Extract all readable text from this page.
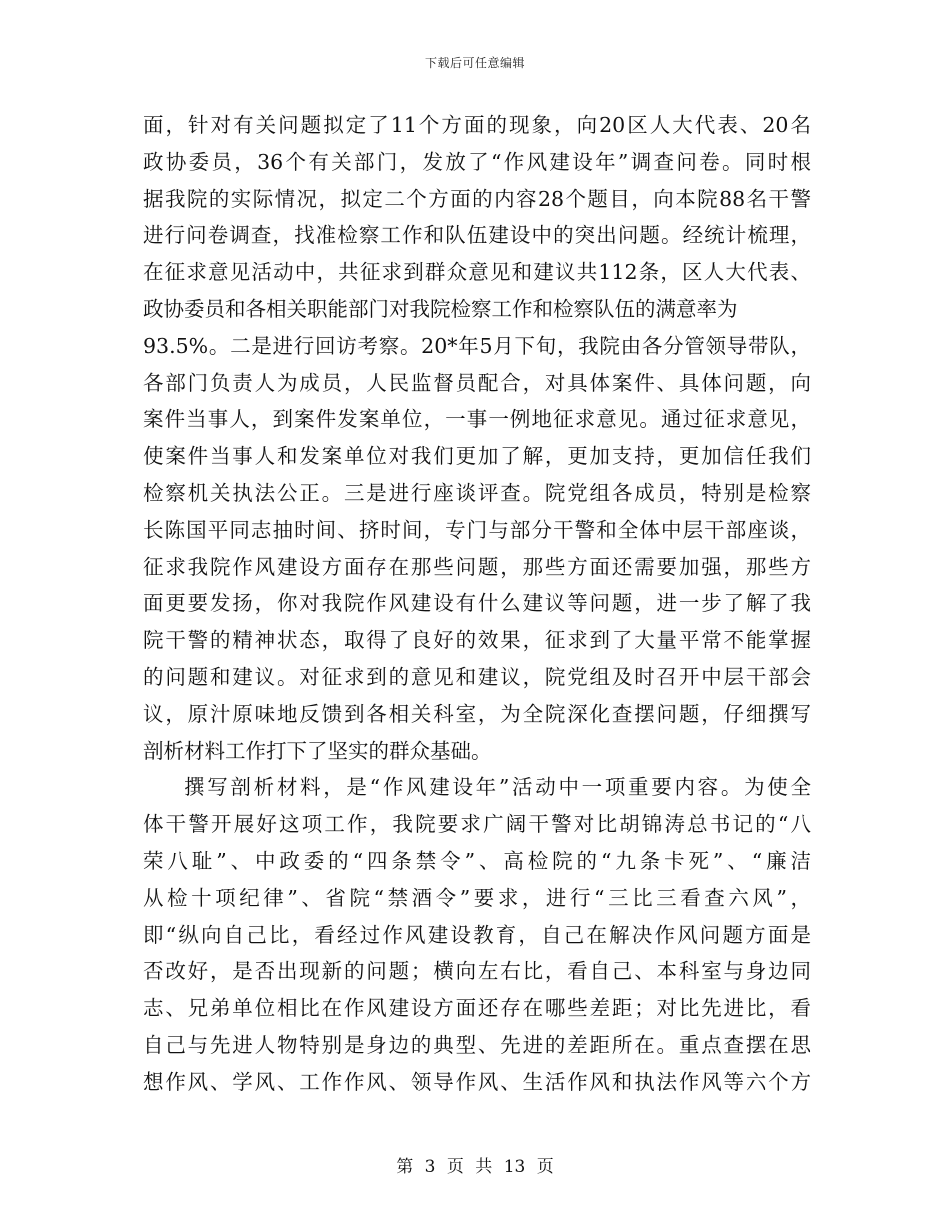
下载后可任意编辑
面，针对有关问题拟定了11个方面的现象，向20区人大代表、20名
政协委员，36个有关部门，发放了“作风建设年”调查问卷。同时根
据我院的实际情况，拟定二个方面的内容28个题目，向本院88名干警
进行问卷调查，找准检察工作和队伍建设中的突出问题。经统计梳理，
在征求意见活动中，共征求到群众意见和建议共112条，区人大代表、
政协委员和各相关职能部门对我院检察工作和检察队伍的满意率为
93.5%。二是进行回访考察。20*年5月下旬，我院由各分管领导带队，
各部门负责人为成员，人民监督员配合，对具体案件、具体问题，向
案件当事人，到案件发案单位，一事一例地征求意见。通过征求意见，
使案件当事人和发案单位对我们更加了解，更加支持，更加信任我们
检察机关执法公正。三是进行座谈评查。院党组各成员，特别是检察
长陈国平同志抽时间、挤时间，专门与部分干警和全体中层干部座谈，
征求我院作风建设方面存在那些问题，那些方面还需要加强，那些方
面更要发扬，你对我院作风建设有什么建议等问题，进一步了解了我
院干警的精神状态，取得了良好的效果，征求到了大量平常不能掌握
的问题和建议。对征求到的意见和建议，院党组及时召开中层干部会
议，原汁原味地反馈到各相关科室，为全院深化查摆问题，仔细撰写
剖析材料工作打下了坚实的群众基础。
撰写剖析材料，是“作风建设年”活动中一项重要内容。为使全
体干警开展好这项工作，我院要求广阔干警对比胡锦涛总书记的“八
荣八耻”、中政委的“四条禁令”、高检院的“九条卡死”、“廉洁
从检十项纪律”、省院“禁酒令”要求，进行“三比三看查六风”，
即“纵向自己比，看经过作风建设教育，自己在解决作风问题方面是
否改好，是否出现新的问题；横向左右比，看自己、本科室与身边同
志、兄弟单位相比在作风建设方面还存在哪些差距；对比先进比，看
自己与先进人物特别是身边的典型、先进的差距所在。重点查摆在思
想作风、学风、工作作风、领导作风、生活作风和执法作风等六个方
第 3 页 共 13 页
